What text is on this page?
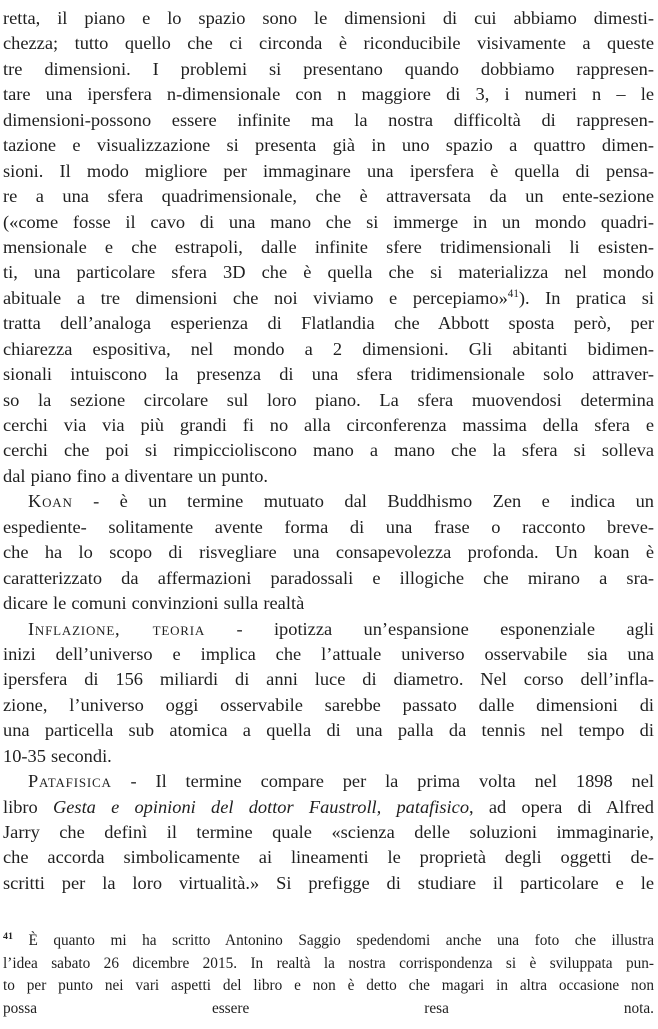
retta, il piano e lo spazio sono le dimensioni di cui abbiamo dimesti-
chezza; tutto quello che ci circonda è riconducibile visivamente a queste
tre dimensioni. I problemi si presentano quando dobbiamo rappresen-
tare una ipersfera n-dimensionale con n maggiore di 3, i numeri n – le
dimensioni-possono essere infinite ma la nostra difficoltà di rappresen-
tazione e visualizzazione si presenta già in uno spazio a quattro dimen-
sioni. Il modo migliore per immaginare una ipersfera è quella di pensa-
re a una sfera quadrimensionale, che è attraversata da un ente-sezione
(«come fosse il cavo di una mano che si immerge in un mondo quadri-
mensionale e che estrapoli, dalle infinite sfere tridimensionali li esisten-
ti, una particolare sfera 3D che è quella che si materializza nel mondo
abituale a tre dimensioni che noi viviamo e percepiamo»$^{41}$). In pratica si
tratta dell’analoga esperienza di Flatlandia che Abbott sposta però, per
chiarezza espositiva, nel mondo a 2 dimensioni. Gli abitanti bidimen-
sionali intuiscono la presenza di una sfera tridimensionale solo attraver-
so la sezione circolare sul loro piano. La sfera muovendosi determina
cerchi via via più grandi fi no alla circonferenza massima della sfera e
cerchi che poi si rimpiccioliscono mano a mano che la sfera si solleva
dal piano fino a diventare un punto.
Koan - è un termine mutuato dal Buddhismo Zen e indica un
espediente- solitamente avente forma di una frase o racconto breve-
che ha lo scopo di risvegliare una consapevolezza profonda. Un koan è
caratterizzato da affermazioni paradossali e illogiche che mirano a sra-
dicare le comuni convinzioni sulla realtà
Inflazione, teoria - ipotizza un’espansione esponenziale agli
inizi dell’universo e implica che l’attuale universo osservabile sia una
ipersfera di 156 miliardi di anni luce di diametro. Nel corso dell’infla-
zione, l’universo oggi osservabile sarebbe passato dalle dimensioni di
una particella sub atomica a quella di una palla da tennis nel tempo di
10-35 secondi.
Patafisica - Il termine compare per la prima volta nel 1898 nel
libro Gesta e opinioni del dottor Faustroll, patafisico, ad opera di Alfred
Jarry che definì il termine quale «scienza delle soluzioni immaginarie,
che accorda simbolicamente ai lineamenti le proprietà degli oggetti de-
scritti per la loro virtualità.» Si prefigge di studiare il particolare e le
$^{41}$ È quanto mi ha scritto Antonino Saggio spedendomi anche una foto che illustra
l’idea sabato 26 dicembre 2015. In realtà la nostra corrispondenza si è sviluppata pun-
to per punto nei vari aspetti del libro e non è detto che magari in altra occasione non
possa essere resa nota.
